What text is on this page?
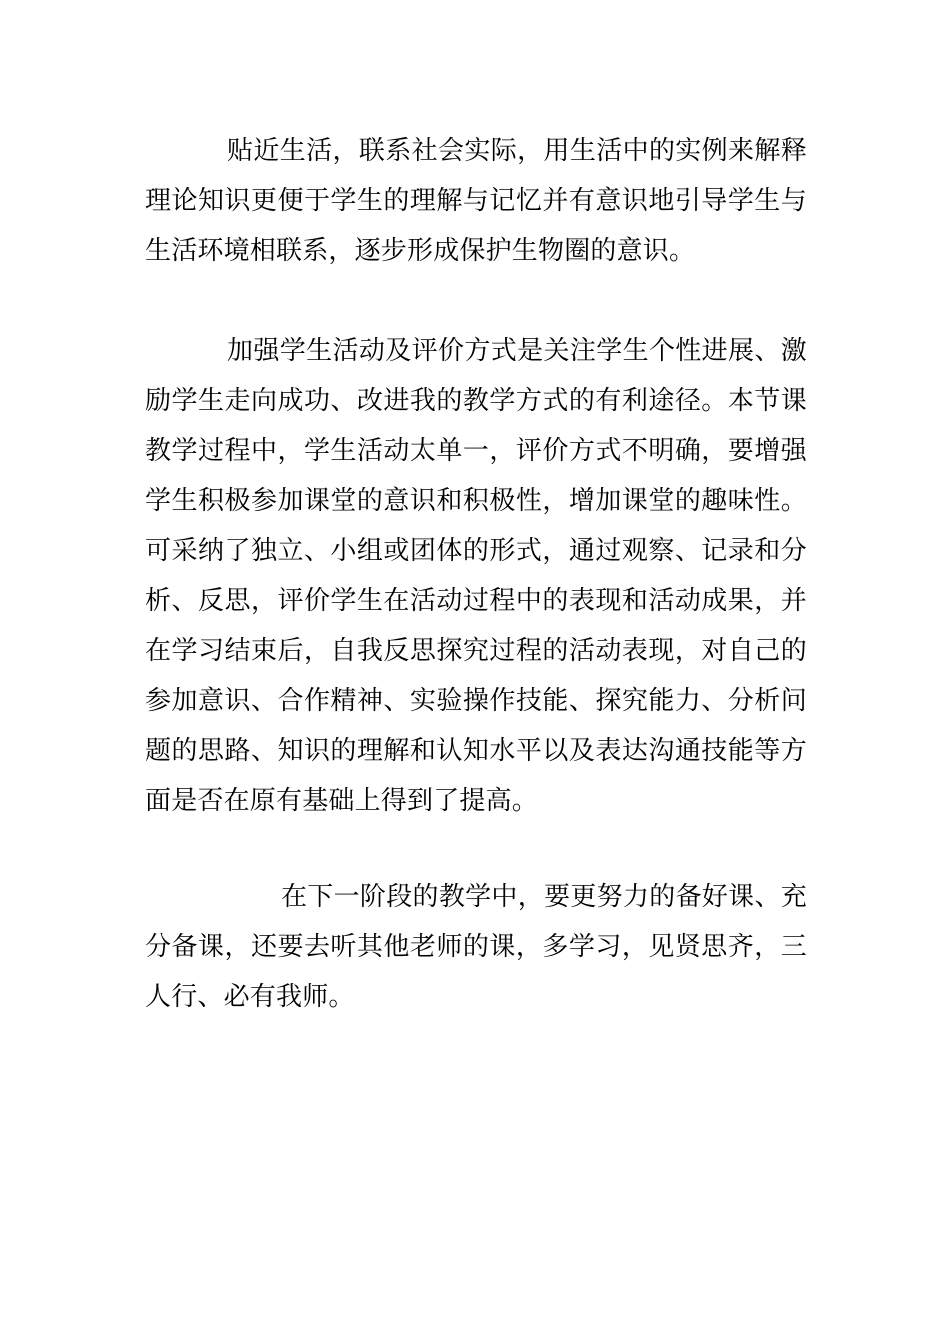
贴近生活，联系社会实际，用生活中的实例来解释理论知识更便于学生的理解与记忆并有意识地引导学生与生活环境相联系，逐步形成保护生物圈的意识。

加强学生活动及评价方式是关注学生个性进展、激励学生走向成功、改进我的教学方式的有利途径。本节课教学过程中，学生活动太单一，评价方式不明确，要增强学生积极参加课堂的意识和积极性，增加课堂的趣味性。可采纳了独立、小组或团体的形式，通过观察、记录和分析、反思，评价学生在活动过程中的表现和活动成果，并在学习结束后，自我反思探究过程的活动表现，对自己的参加意识、合作精神、实验操作技能、探究能力、分析问题的思路、知识的理解和认知水平以及表达沟通技能等方面是否在原有基础上得到了提高。

在下一阶段的教学中，要更努力的备好课、充分备课，还要去听其他老师的课，多学习，见贤思齐，三人行、必有我师。
